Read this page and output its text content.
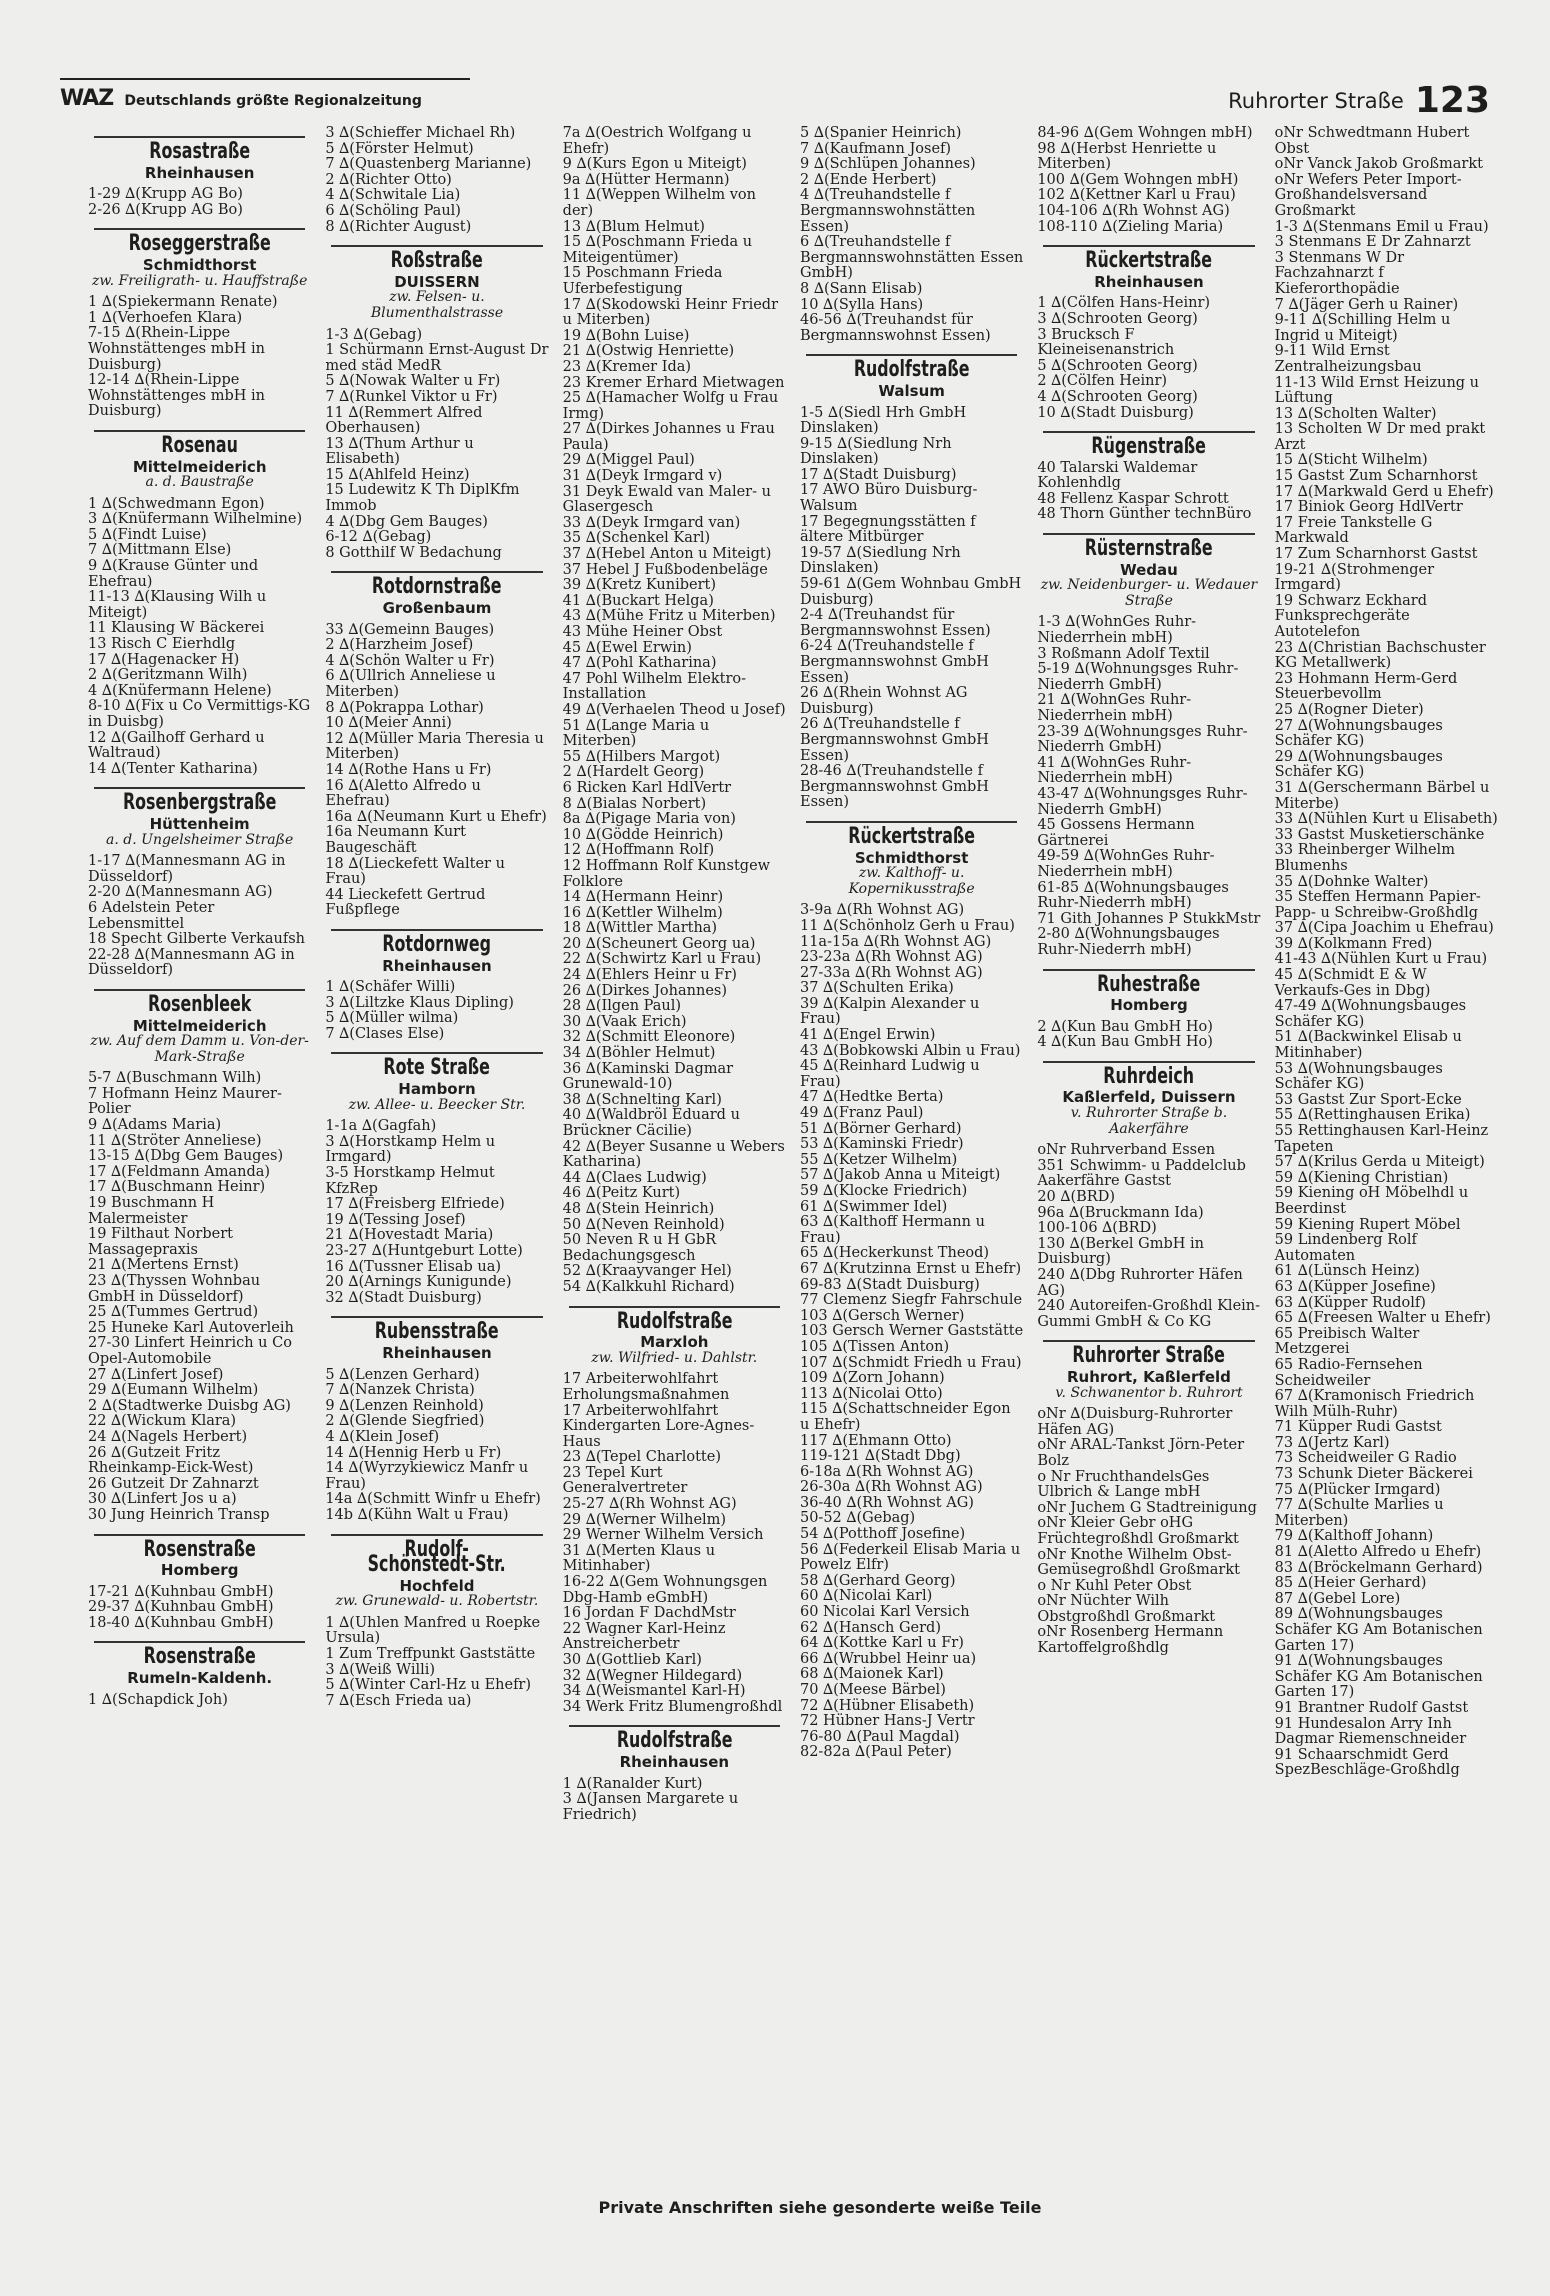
WAZ Deutschlands größte Regionalzeitung	Ruhrorter Straße 123
Rosastraße
Rheinhausen
1-29 ∆(Krupp AG Bo)
2-26 ∆(Krupp AG Bo)
Roseggerstraße
Schmidthorst
zw. Freiligrath- u. Hauffstraße
1 ∆(Spiekermann Renate)
1 ∆(Verhoefen Klara)
7-15 ∆(Rhein-Lippe Wohnstättenges mbH in Duisburg)
12-14 ∆(Rhein-Lippe Wohnstättenges mbH in Duisburg)
Rosenau
Mittelmeiderich
a. d. Baustraße
1 ∆(Schwedmann Egon)
3 ∆(Knüfermann Wilhelmine)
5 ∆(Findt Luise)
7 ∆(Mittmann Else)
9 ∆(Krause Günter und Ehefrau)
11-13 ∆(Klausing Wilh u Miteigt)
11 Klausing W Bäckerei
13 Risch C Eierhdlg
17 ∆(Hagenacker H)
2 ∆(Geritzmann Wilh)
4 ∆(Knüfermann Helene)
8-10 ∆(Fix u Co Vermittigs-KG in Duisbg)
12 ∆(Gailhoff Gerhard u Waltraud)
14 ∆(Tenter Katharina)
Rosenbergstraße
Hüttenheim
a. d. Ungelsheimer Straße
1-17 ∆(Mannesmann AG in Düsseldorf)
2-20 ∆(Mannesmann AG)
6 Adelstein Peter Lebensmittel
18 Specht Gilberte Verkaufsh
22-28 ∆(Mannesmann AG in Düsseldorf)
Rosenbleek
Mittelmeiderich
zw. Auf dem Damm u. Von-der-Mark-Straße
5-7 ∆(Buschmann Wilh)
7 Hofmann Heinz Maurer-Polier
9 ∆(Adams Maria)
11 ∆(Ströter Anneliese)
13-15 ∆(Dbg Gem Bauges)
17 ∆(Feldmann Amanda)
17 ∆(Buschmann Heinr)
19 Buschmann H Malermeister
19 Filthaut Norbert Massagepraxis
21 ∆(Mertens Ernst)
23 ∆(Thyssen Wohnbau GmbH in Düsseldorf)
25 ∆(Tummes Gertrud)
25 Huneke Karl Autoverleih
27-30 Linfert Heinrich u Co Opel-Automobile
27 ∆(Linfert Josef)
29 ∆(Eumann Wilhelm)
2 ∆(Stadtwerke Duisbg AG)
22 ∆(Wickum Klara)
24 ∆(Nagels Herbert)
26 ∆(Gutzeit Fritz Rheinkamp-Eick-West)
26 Gutzeit Dr Zahnarzt
30 ∆(Linfert Jos u a)
30 Jung Heinrich Transp
Rosenstraße
Homberg
17-21 ∆(Kuhnbau GmbH)
29-37 ∆(Kuhnbau GmbH)
18-40 ∆(Kuhnbau GmbH)
Rosenstraße
Rumeln-Kaldenh.
1 ∆(Schapdick Joh)
3 ∆(Schieffer Michael Rh)
5 ∆(Förster Helmut)
7 ∆(Quastenberg Marianne)
2 ∆(Richter Otto)
4 ∆(Schwitale Lia)
6 ∆(Schöling Paul)
8 ∆(Richter August)
Roßstraße
DUISSERN
zw. Felsen- u. Blumenthalstrasse
1-3 ∆(Gebag)
1 Schürmann Ernst-August Dr med städ MedR
5 ∆(Nowak Walter u Fr)
7 ∆(Runkel Viktor u Fr)
11 ∆(Remmert Alfred Oberhausen)
13 ∆(Thum Arthur u Elisabeth)
15 ∆(Ahlfeld Heinz)
15 Ludewitz K Th DiplKfm Immob
4 ∆(Dbg Gem Bauges)
6-12 ∆(Gebag)
8 Gotthilf W Bedachung
Rotdornstraße
Großenbaum
33 ∆(Gemeinn Bauges)
2 ∆(Harzheim Josef)
4 ∆(Schön Walter u Fr)
6 ∆(Ullrich Anneliese u Miterben)
8 ∆(Pokrappa Lothar)
10 ∆(Meier Anni)
12 ∆(Müller Maria Theresia u Miterben)
14 ∆(Rothe Hans u Fr)
16 ∆(Aletto Alfredo u Ehefrau)
16a ∆(Neumann Kurt u Ehefr)
16a Neumann Kurt Baugeschäft
18 ∆(Lieckefett Walter u Frau)
44 Lieckefett Gertrud Fußpflege
Rotdornweg
Rheinhausen
1 ∆(Schäfer Willi)
3 ∆(Liltzke Klaus Dipling)
5 ∆(Müller wilma)
7 ∆(Clases Else)
Rote Straße
Hamborn
zw. Allee- u. Beecker Str.
1-1a ∆(Gagfah)
3 ∆(Horstkamp Helm u Irmgard)
3-5 Horstkamp Helmut KfzRep
17 ∆(Freisberg Elfriede)
19 ∆(Tessing Josef)
21 ∆(Hovestadt Maria)
23-27 ∆(Huntgeburt Lotte)
16 ∆(Tussner Elisab ua)
20 ∆(Arnings Kunigunde)
32 ∆(Stadt Duisburg)
Rubensstraße
Rheinhausen
5 ∆(Lenzen Gerhard)
7 ∆(Nanzek Christa)
9 ∆(Lenzen Reinhold)
2 ∆(Glende Siegfried)
4 ∆(Klein Josef)
14 ∆(Hennig Herb u Fr)
14 ∆(Wyrzykiewicz Manfr u Frau)
14a ∆(Schmitt Winfr u Ehefr)
14b ∆(Kühn Walt u Frau)
Rudolf-Schönstedt-Str.
Hochfeld
zw. Grunewald- u. Robertstr.
1 ∆(Uhlen Manfred u Roepke Ursula)
1 Zum Treffpunkt Gaststätte
3 ∆(Weiß Willi)
5 ∆(Winter Carl-Hz u Ehefr)
7 ∆(Esch Frieda ua)
7a ∆(Oestrich Wolfgang u Ehefr)
9 ∆(Kurs Egon u Miteigt)
9a ∆(Hütter Hermann)
11 ∆(Weppen Wilhelm von der)
13 ∆(Blum Helmut)
15 ∆(Poschmann Frieda u Miteigentümer)
15 Poschmann Frieda Uferbefestigung
17 ∆(Skodowski Heinr Friedr u Miterben)
19 ∆(Bohn Luise)
21 ∆(Ostwig Henriette)
23 ∆(Kremer Ida)
23 Kremer Erhard Mietwagen
25 ∆(Hamacher Wolfg u Frau Irmg)
27 ∆(Dirkes Johannes u Frau Paula)
29 ∆(Miggel Paul)
31 ∆(Deyk Irmgard v)
31 Deyk Ewald van Maler- u Glasergesch
33 ∆(Deyk Irmgard van)
35 ∆(Schenkel Karl)
37 ∆(Hebel Anton u Miteigt)
37 Hebel J Fußbodenbeläge
39 ∆(Kretz Kunibert)
41 ∆(Buckart Helga)
43 ∆(Mühe Fritz u Miterben)
43 Mühe Heiner Obst
45 ∆(Ewel Erwin)
47 ∆(Pohl Katharina)
47 Pohl Wilhelm Elektro-Installation
49 ∆(Verhaelen Theod u Josef)
51 ∆(Lange Maria u Miterben)
55 ∆(Hilbers Margot)
2 ∆(Hardelt Georg)
6 Ricken Karl HdlVertr
8 ∆(Bialas Norbert)
8a ∆(Pigage Maria von)
10 ∆(Gödde Heinrich)
12 ∆(Hoffmann Rolf)
12 Hoffmann Rolf Kunstgew Folklore
14 ∆(Hermann Heinr)
16 ∆(Kettler Wilhelm)
18 ∆(Wittler Martha)
20 ∆(Scheunert Georg ua)
22 ∆(Schwirtz Karl u Frau)
24 ∆(Ehlers Heinr u Fr)
26 ∆(Dirkes Johannes)
28 ∆(Ilgen Paul)
30 ∆(Vaak Erich)
32 ∆(Schmitt Eleonore)
34 ∆(Böhler Helmut)
36 ∆(Kaminski Dagmar Grunewald-10)
38 ∆(Schnelting Karl)
40 ∆(Waldbröl Eduard u Brückner Cäcilie)
42 ∆(Beyer Susanne u Webers Katharina)
44 ∆(Claes Ludwig)
46 ∆(Peitz Kurt)
48 ∆(Stein Heinrich)
50 ∆(Neven Reinhold)
50 Neven R u H GbR Bedachungsgesch
52 ∆(Kraayvanger Hel)
54 ∆(Kalkkuhl Richard)
Rudolfstraße
Marxloh
zw. Wilfried- u. Dahlstr.
17 Arbeiterwohlfahrt Erholungsmaßnahmen
17 Arbeiterwohlfahrt Kindergarten Lore-Agnes-Haus
23 ∆(Tepel Charlotte)
23 Tepel Kurt Generalvertreter
25-27 ∆(Rh Wohnst AG)
29 ∆(Werner Wilhelm)
29 Werner Wilhelm Versich
31 ∆(Merten Klaus u Mitinhaber)
16-22 ∆(Gem Wohnungsgen Dbg-Hamb eGmbH)
16 Jordan F DachdMstr
22 Wagner Karl-Heinz Anstreicherbetr
30 ∆(Gottlieb Karl)
32 ∆(Wegner Hildegard)
34 ∆(Weismantel Karl-H)
34 Werk Fritz Blumengroßhdl
Rudolfstraße
Rheinhausen
1 ∆(Ranalder Kurt)
3 ∆(Jansen Margarete u Friedrich)
5 ∆(Spanier Heinrich)
7 ∆(Kaufmann Josef)
9 ∆(Schlüpen Johannes)
2 ∆(Ende Herbert)
4 ∆(Treuhandstelle f Bergmannswohnstätten Essen)
6 ∆(Treuhandstelle f Bergmannswohnstätten Essen GmbH)
8 ∆(Sann Elisab)
10 ∆(Sylla Hans)
46-56 ∆(Treuhandst für Bergmannswohnst Essen)
Rudolfstraße
Walsum
1-5 ∆(Siedl Hrh GmbH Dinslaken)
9-15 ∆(Siedlung Nrh Dinslaken)
17 ∆(Stadt Duisburg)
17 AWO Büro Duisburg-Walsum
17 Begegnungsstätten f ältere Mitbürger
19-57 ∆(Siedlung Nrh Dinslaken)
59-61 ∆(Gem Wohnbau GmbH Duisburg)
2-4 ∆(Treuhandst für Bergmannswohnst Essen)
6-24 ∆(Treuhandstelle f Bergmannswohnst GmbH Essen)
26 ∆(Rhein Wohnst AG Duisburg)
26 ∆(Treuhandstelle f Bergmannswohnst GmbH Essen)
28-46 ∆(Treuhandstelle f Bergmannswohnst GmbH Essen)
Rückertstraße
Schmidthorst
zw. Kalthoff- u. Kopernikusstraße
3-9a ∆(Rh Wohnst AG)
11 ∆(Schönholz Gerh u Frau)
11a-15a ∆(Rh Wohnst AG)
23-23a ∆(Rh Wohnst AG)
27-33a ∆(Rh Wohnst AG)
37 ∆(Schulten Erika)
39 ∆(Kalpin Alexander u Frau)
41 ∆(Engel Erwin)
43 ∆(Bobkowski Albin u Frau)
45 ∆(Reinhard Ludwig u Frau)
47 ∆(Hedtke Berta)
49 ∆(Franz Paul)
51 ∆(Börner Gerhard)
53 ∆(Kaminski Friedr)
55 ∆(Ketzer Wilhelm)
57 ∆(Jakob Anna u Miteigt)
59 ∆(Klocke Friedrich)
61 ∆(Swimmer Idel)
63 ∆(Kalthoff Hermann u Frau)
65 ∆(Heckerkunst Theod)
67 ∆(Krutzinna Ernst u Ehefr)
69-83 ∆(Stadt Duisburg)
77 Clemenz Siegfr Fahrschule
103 ∆(Gersch Werner)
103 Gersch Werner Gaststätte
105 ∆(Tissen Anton)
107 ∆(Schmidt Friedh u Frau)
109 ∆(Zorn Johann)
113 ∆(Nicolai Otto)
115 ∆(Schattschneider Egon u Ehefr)
117 ∆(Ehmann Otto)
119-121 ∆(Stadt Dbg)
6-18a ∆(Rh Wohnst AG)
26-30a ∆(Rh Wohnst AG)
36-40 ∆(Rh Wohnst AG)
50-52 ∆(Gebag)
54 ∆(Potthoff Josefine)
56 ∆(Federkeil Elisab Maria u Powelz Elfr)
58 ∆(Gerhard Georg)
60 ∆(Nicolai Karl)
60 Nicolai Karl Versich
62 ∆(Hansch Gerd)
64 ∆(Kottke Karl u Fr)
66 ∆(Wrubbel Heinr ua)
68 ∆(Maionek Karl)
70 ∆(Meese Bärbel)
72 ∆(Hübner Elisabeth)
72 Hübner Hans-J Vertr
76-80 ∆(Paul Magdal)
82-82a ∆(Paul Peter)
84-96 ∆(Gem Wohngen mbH)
98 ∆(Herbst Henriette u Miterben)
100 ∆(Gem Wohngen mbH)
102 ∆(Kettner Karl u Frau)
104-106 ∆(Rh Wohnst AG)
108-110 ∆(Zieling Maria)
Rückertstraße
Rheinhausen
1 ∆(Cölfen Hans-Heinr)
3 ∆(Schrooten Georg)
3 Brucksch F Kleineisenanstrich
5 ∆(Schrooten Georg)
2 ∆(Cölfen Heinr)
4 ∆(Schrooten Georg)
10 ∆(Stadt Duisburg)
Rügenstraße
40 Talarski Waldemar Kohlenhdlg
48 Fellenz Kaspar Schrott
48 Thorn Günther technBüro
Rüsternstraße
Wedau
zw. Neidenburger- u. Wedauer Straße
1-3 ∆(WohnGes Ruhr-Niederrhein mbH)
3 Roßmann Adolf Textil
5-19 ∆(Wohnungsges Ruhr-Niederrh GmbH)
21 ∆(WohnGes Ruhr-Niederrhein mbH)
23-39 ∆(Wohnungsges Ruhr-Niederrh GmbH)
41 ∆(WohnGes Ruhr-Niederrhein mbH)
43-47 ∆(Wohnungsges Ruhr-Niederrh GmbH)
45 Gossens Hermann Gärtnerei
49-59 ∆(WohnGes Ruhr-Niederrhein mbH)
61-85 ∆(Wohnungsbauges Ruhr-Niederrh mbH)
71 Gith Johannes P StukkMstr
2-80 ∆(Wohnungsbauges Ruhr-Niederrh mbH)
Ruhestraße
Homberg
2 ∆(Kun Bau GmbH Ho)
4 ∆(Kun Bau GmbH Ho)
Ruhrdeich
Kaßlerfeld, Duissern
v. Ruhrorter Straße b. Aakerfähre
oNr Ruhrverband Essen
351 Schwimm- u Paddelclub Aakerfähre Gastst
20 ∆(BRD)
96a ∆(Bruckmann Ida)
100-106 ∆(BRD)
130 ∆(Berkel GmbH in Duisburg)
240 ∆(Dbg Ruhrorter Häfen AG)
240 Autoreifen-Großhdl Klein-Gummi GmbH & Co KG
Ruhrorter Straße
Ruhrort, Kaßlerfeld
v. Schwanentor b. Ruhrort
oNr ∆(Duisburg-Ruhrorter Häfen AG)
oNr ARAL-Tankst Jörn-Peter Bolz
o Nr FruchthandelsGes Ulbrich & Lange mbH
oNr Juchem G Stadtreinigung
oNr Kleier Gebr oHG Früchtegroßhdl Großmarkt
oNr Knothe Wilhelm Obst-Gemüsegroßhdl Großmarkt
o Nr Kuhl Peter Obst
oNr Nüchter Wilh Obstgroßhdl Großmarkt
oNr Rosenberg Hermann Kartoffelgroßhdlg
oNr Schwedtmann Hubert Obst
oNr Vanck Jakob Großmarkt
oNr Wefers Peter Import-Großhandelsversand Großmarkt
1-3 ∆(Stenmans Emil u Frau)
3 Stenmans E Dr Zahnarzt
3 Stenmans W Dr Fachzahnarzt f Kieferorthopädie
7 ∆(Jäger Gerh u Rainer)
9-11 ∆(Schilling Helm u Ingrid u Miteigt)
9-11 Wild Ernst Zentralheizungsbau
11-13 Wild Ernst Heizung u Lüftung
13 ∆(Scholten Walter)
13 Scholten W Dr med prakt Arzt
15 ∆(Sticht Wilhelm)
15 Gastst Zum Scharnhorst
17 ∆(Markwald Gerd u Ehefr)
17 Biniok Georg HdlVertr
17 Freie Tankstelle G Markwald
17 Zum Scharnhorst Gastst
19-21 ∆(Strohmenger Irmgard)
19 Schwarz Eckhard Funksprechgeräte Autotelefon
23 ∆(Christian Bachschuster KG Metallwerk)
23 Hohmann Herm-Gerd Steuerbevollm
25 ∆(Rogner Dieter)
27 ∆(Wohnungsbauges Schäfer KG)
29 ∆(Wohnungsbauges Schäfer KG)
31 ∆(Gerschermann Bärbel u Miterbe)
33 ∆(Nühlen Kurt u Elisabeth)
33 Gastst Musketierschänke
33 Rheinberger Wilhelm Blumenhs
35 ∆(Dohnke Walter)
35 Steffen Hermann Papier- Papp- u Schreibw-Großhdlg
37 ∆(Cipa Joachim u Ehefrau)
39 ∆(Kolkmann Fred)
41-43 ∆(Nühlen Kurt u Frau)
45 ∆(Schmidt E & W Verkaufs-Ges in Dbg)
47-49 ∆(Wohnungsbauges Schäfer KG)
51 ∆(Backwinkel Elisab u Mitinhaber)
53 ∆(Wohnungsbauges Schäfer KG)
53 Gastst Zur Sport-Ecke
55 ∆(Rettinghausen Erika)
55 Rettinghausen Karl-Heinz Tapeten
57 ∆(Krilus Gerda u Miteigt)
59 ∆(Kiening Christian)
59 Kiening oH Möbelhdl u Beerdinst
59 Kiening Rupert Möbel
59 Lindenberg Rolf Automaten
61 ∆(Lünsch Heinz)
63 ∆(Küpper Josefine)
63 ∆(Küpper Rudolf)
65 ∆(Freesen Walter u Ehefr)
65 Preibisch Walter Metzgerei
65 Radio-Fernsehen Scheidweiler
67 ∆(Kramonisch Friedrich Wilh Mülh-Ruhr)
71 Küpper Rudi Gastst
73 ∆(Jertz Karl)
73 Scheidweiler G Radio
73 Schunk Dieter Bäckerei
75 ∆(Plücker Irmgard)
77 ∆(Schulte Marlies u Miterben)
79 ∆(Kalthoff Johann)
81 ∆(Aletto Alfredo u Ehefr)
83 ∆(Bröckelmann Gerhard)
85 ∆(Heier Gerhard)
87 ∆(Gebel Lore)
89 ∆(Wohnungsbauges Schäfer KG Am Botanischen Garten 17)
91 ∆(Wohnungsbauges Schäfer KG Am Botanischen Garten 17)
91 Brantner Rudolf Gastst
91 Hundesalon Arry Inh Dagmar Riemenschneider
91 Schaarschmidt Gerd SpezBeschläge-Großhdlg
Private Anschriften siehe gesonderte weiße Teile
